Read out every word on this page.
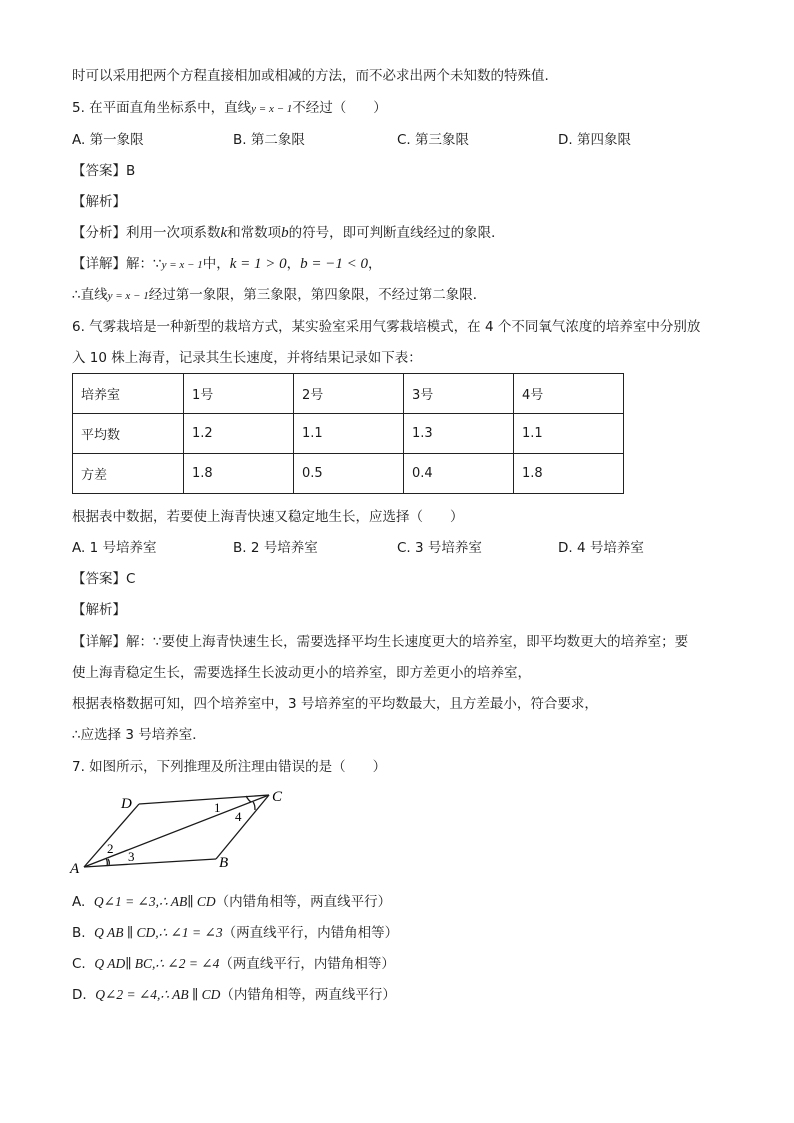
时可以采用把两个方程直接相加或相减的方法，而不必求出两个未知数的特殊值.
5. 在平面直角坐标系中，直线y = x − 1不经过（　　）
A. 第一象限	B. 第二象限	C. 第三象限	D. 第四象限
【答案】B
【解析】
【分析】利用一次项系数k和常数项b的符号，即可判断直线经过的象限．
【详解】解：∵y = x − 1中，k = 1 > 0，b = −1 < 0，
∴直线y = x − 1经过第一象限，第三象限，第四象限，不经过第二象限．
6. 气雾栽培是一种新型的栽培方式，某实验室采用气雾栽培模式，在 4 个不同氧气浓度的培养室中分别放
入 10 株上海青，记录其生长速度，并将结果记录如下表：
培养室	1号	2号	3号	4号
平均数	1.2	1.1	1.3	1.1
方差	1.8	0.5	0.4	1.8
根据表中数据，若要使上海青快速又稳定地生长，应选择（　　）
A. 1 号培养室	B. 2 号培养室	C. 3 号培养室	D. 4 号培养室
【答案】C
【解析】
【详解】解：∵要使上海青快速生长，需要选择平均生长速度更大的培养室，即平均数更大的培养室；要
使上海青稳定生长，需要选择生长波动更小的培养室，即方差更小的培养室，
根据表格数据可知，四个培养室中，3 号培养室的平均数最大，且方差最小，符合要求，
∴应选择 3 号培养室．
7. 如图所示，下列推理及所注理由错误的是（　　）
D	C
A	B
1
4
2
3
A. Q∠1 = ∠3,∴ AB∥ CD（内错角相等，两直线平行）
B. Q AB ∥ CD,∴ ∠1 = ∠3（两直线平行，内错角相等）
C. Q AD∥ BC,∴ ∠2 = ∠4（两直线平行，内错角相等）
D. Q∠2 = ∠4,∴ AB ∥ CD（内错角相等，两直线平行）
